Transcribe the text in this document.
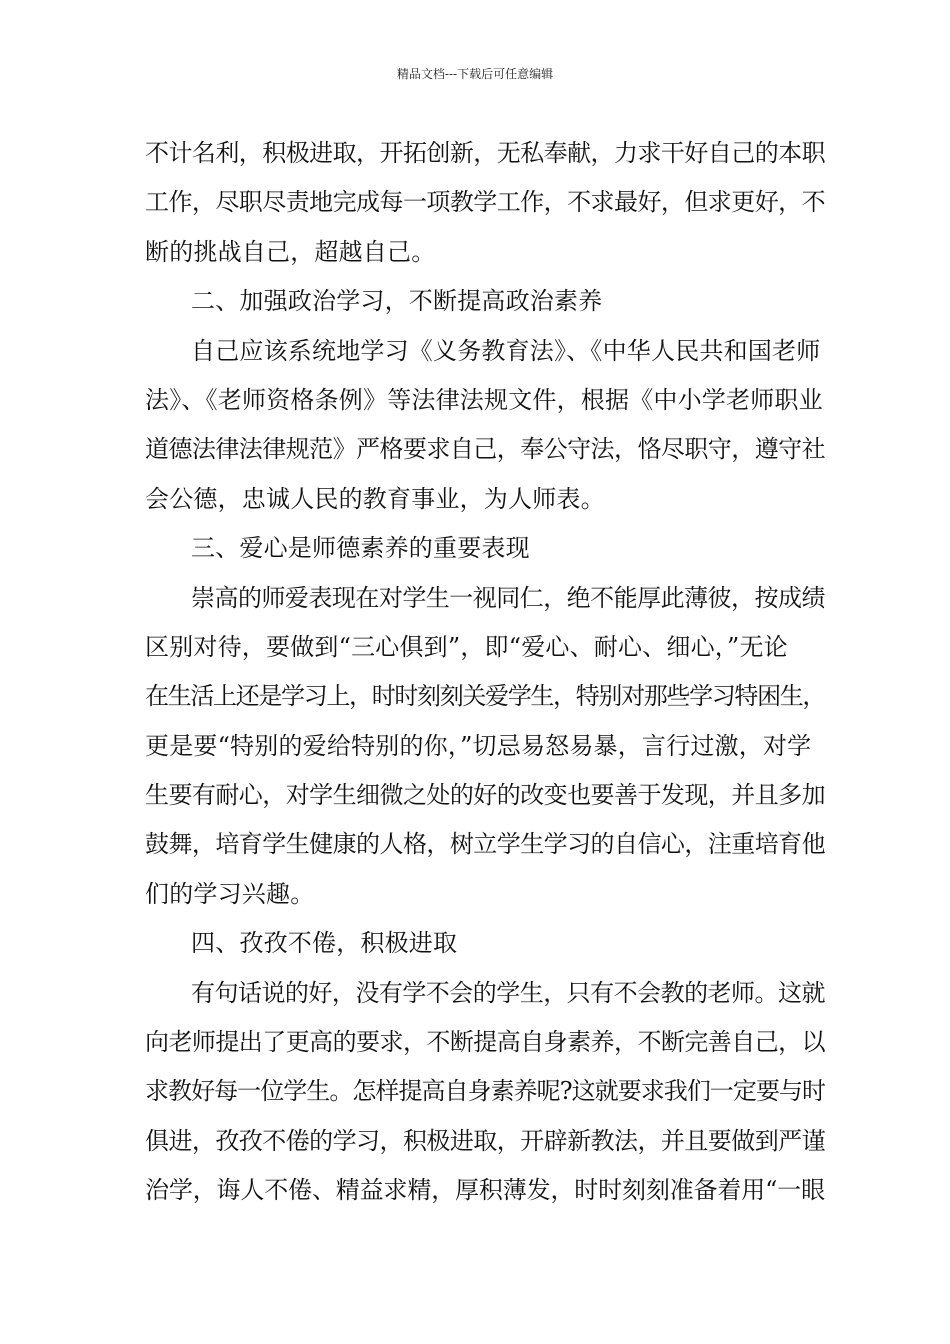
精品文档---下载后可任意编辑
不计名利，积极进取，开拓创新，无私奉献，力求干好自己的本职
工作，尽职尽责地完成每一项教学工作，不求最好，但求更好，不
断的挑战自己，超越自己。
二、加强政治学习，不断提高政治素养
自己应该系统地学习《义务教育法》、《中华人民共和国老师
法》、《老师资格条例》等法律法规文件，根据《中小学老师职业
道德法律法律规范》严格要求自己，奉公守法，恪尽职守，遵守社
会公德，忠诚人民的教育事业，为人师表。
三、爱心是师德素养的重要表现
崇高的师爱表现在对学生一视同仁，绝不能厚此薄彼，按成绩
区别对待，要做到“三心俱到”，即“爱心、耐心、细心，”无论
在生活上还是学习上，时时刻刻关爱学生，特别对那些学习特困生，
更是要“特别的爱给特别的你，”切忌易怒易暴，言行过激，对学
生要有耐心，对学生细微之处的好的改变也要善于发现，并且多加
鼓舞，培育学生健康的人格，树立学生学习的自信心，注重培育他
们的学习兴趣。
四、孜孜不倦，积极进取
有句话说的好，没有学不会的学生，只有不会教的老师。这就
向老师提出了更高的要求，不断提高自身素养，不断完善自己，以
求教好每一位学生。怎样提高自身素养呢?这就要求我们一定要与时
俱进，孜孜不倦的学习，积极进取，开辟新教法，并且要做到严谨
治学，诲人不倦、精益求精，厚积薄发，时时刻刻准备着用“一眼
